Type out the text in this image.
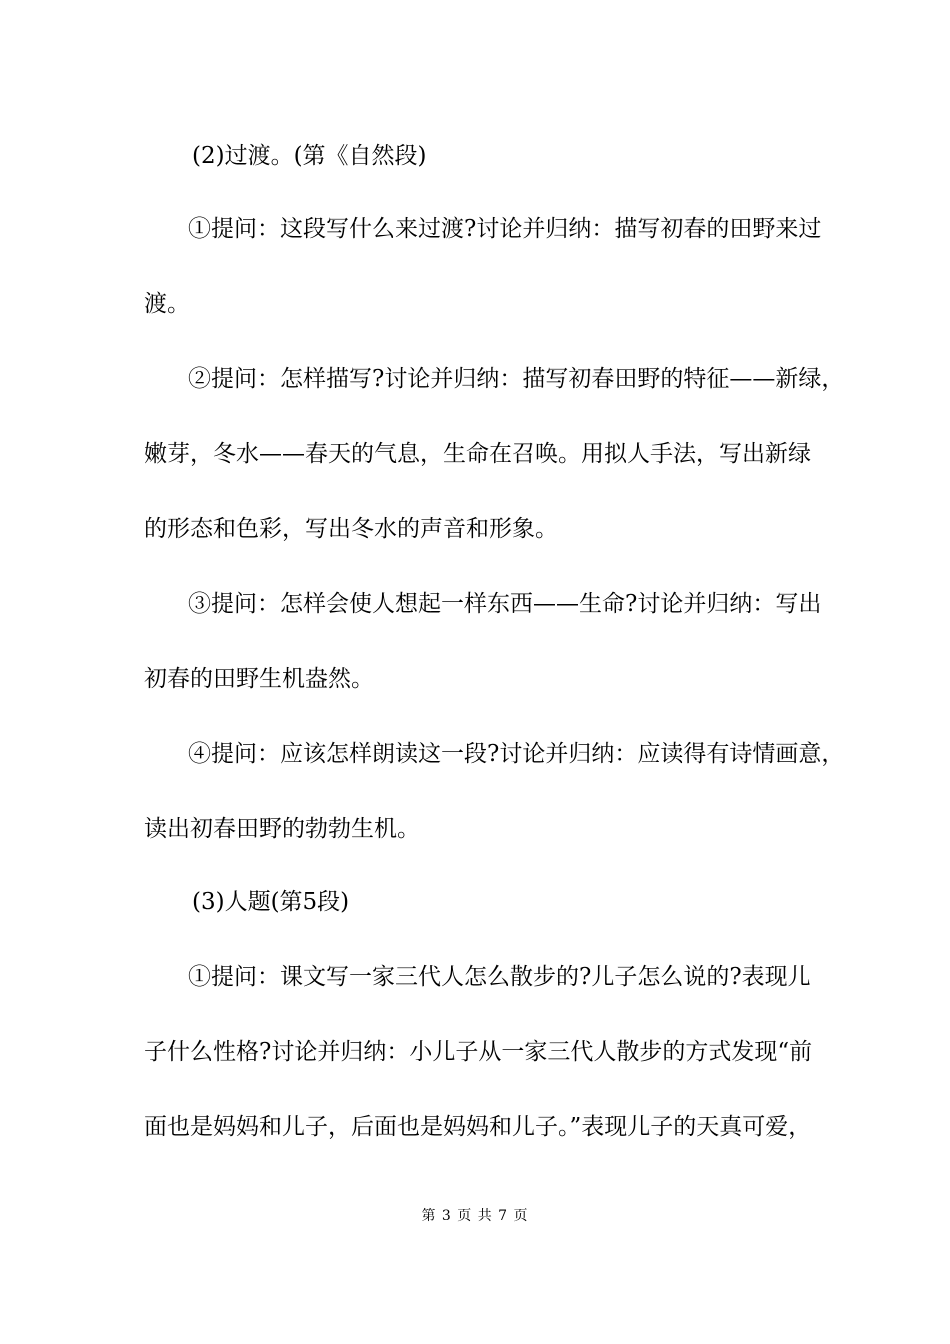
(2)过渡。(第《自然段)
①提问：这段写什么来过渡?讨论并归纳：描写初春的田野来过
渡。
②提问：怎样描写?讨论并归纳：描写初春田野的特征——新绿，
嫩芽，冬水——春天的气息，生命在召唤。用拟人手法，写出新绿
的形态和色彩，写出冬水的声音和形象。
③提问：怎样会使人想起一样东西——生命?讨论并归纳：写出
初春的田野生机盎然。
④提问：应该怎样朗读这一段?讨论并归纳：应读得有诗情画意，
读出初春田野的勃勃生机。
(3)人题(第5段)
①提问：课文写一家三代人怎么散步的?儿子怎么说的?表现儿
子什么性格?讨论并归纳：小儿子从一家三代人散步的方式发现“前
面也是妈妈和儿子，后面也是妈妈和儿子。”表现儿子的天真可爱，
第 3 页 共 7 页
